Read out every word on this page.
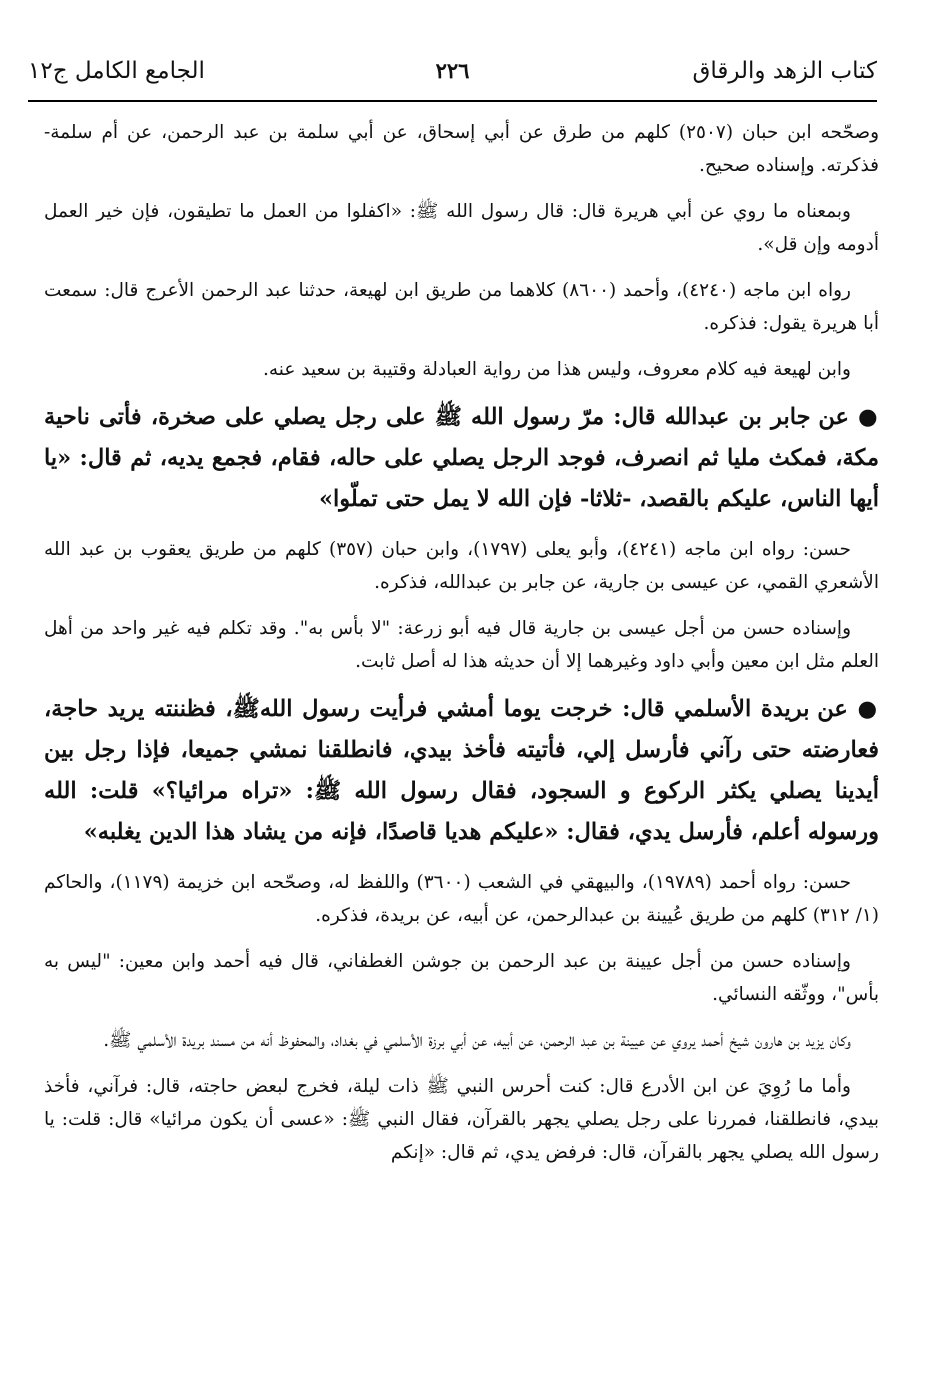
كتاب الزهد والرقاق
٢٢٦
الجامع الكامل ج١٢

وصحّحه ابن حبان (٢٥٠٧) كلهم من طرق عن أبي إسحاق، عن أبي سلمة بن عبد الرحمن، عن أم سلمة- فذكرته. وإسناده صحيح.

وبمعناه ما روي عن أبي هريرة قال: قال رسول الله ﷺ: «اكفلوا من العمل ما تطيقون، فإن خير العمل أدومه وإن قل».

رواه ابن ماجه (٤٢٤٠)، وأحمد (٨٦٠٠) كلاهما من طريق ابن لهيعة، حدثنا عبد الرحمن الأعرج قال: سمعت أبا هريرة يقول: فذكره.

وابن لهيعة فيه كلام معروف، وليس هذا من رواية العبادلة وقتيبة بن سعيد عنه.

● عن جابر بن عبدالله قال: مرّ رسول الله ﷺ على رجل يصلي على صخرة، فأتى ناحية مكة، فمكث مليا ثم انصرف، فوجد الرجل يصلي على حاله، فقام، فجمع يديه، ثم قال: «يا أيها الناس، عليكم بالقصد، -ثلاثا- فإن الله لا يمل حتى تملّوا»

حسن: رواه ابن ماجه (٤٢٤١)، وأبو يعلى (١٧٩٧)، وابن حبان (٣٥٧) كلهم من طريق يعقوب بن عبد الله الأشعري القمي، عن عيسى بن جارية، عن جابر بن عبدالله، فذكره.

وإسناده حسن من أجل عيسى بن جارية قال فيه أبو زرعة: "لا بأس به". وقد تكلم فيه غير واحد من أهل العلم مثل ابن معين وأبي داود وغيرهما إلا أن حديثه هذا له أصل ثابت.

● عن بريدة الأسلمي قال: خرجت يوما أمشي فرأيت رسول اللهﷺ، فظننته يريد حاجة، فعارضته حتى رآني فأرسل إلي، فأتيته فأخذ بيدي، فانطلقنا نمشي جميعا، فإذا رجل بين أيدينا يصلي يكثر الركوع و السجود، فقال رسول الله ﷺ: «تراه مرائيا؟» قلت: الله ورسوله أعلم، فأرسل يدي، فقال: «عليكم هديا قاصدًا، فإنه من يشاد هذا الدين يغلبه»

حسن: رواه أحمد (١٩٧٨٩)، والبيهقي في الشعب (٣٦٠٠) واللفظ له، وصحّحه ابن خزيمة (١١٧٩)، والحاكم (١/ ٣١٢) كلهم من طريق عُيينة بن عبدالرحمن، عن أبيه، عن بريدة، فذكره.

وإسناده حسن من أجل عيينة بن عبد الرحمن بن جوشن الغطفاني، قال فيه أحمد وابن معين: "ليس به بأس"، ووثّقه النسائي.

وكان يزيد بن هارون شيخ أحمد يروي عن عيينة بن عبد الرحمن، عن أبيه، عن أبي برزة الأسلمي في بغداد، والمحفوظ أنه من مسند بريدة الأسلمي ﷺ.

وأما ما رُوِيَ عن ابن الأدرع قال: كنت أحرس النبي ﷺ ذات ليلة، فخرج لبعض حاجته، قال: فرآني، فأخذ بيدي، فانطلقنا، فمررنا على رجل يصلي يجهر بالقرآن، فقال النبي ﷺ: «عسى أن يكون مرائيا» قال: قلت: يا رسول الله يصلي يجهر بالقرآن، قال: فرفض يدي، ثم قال: «إنكم
